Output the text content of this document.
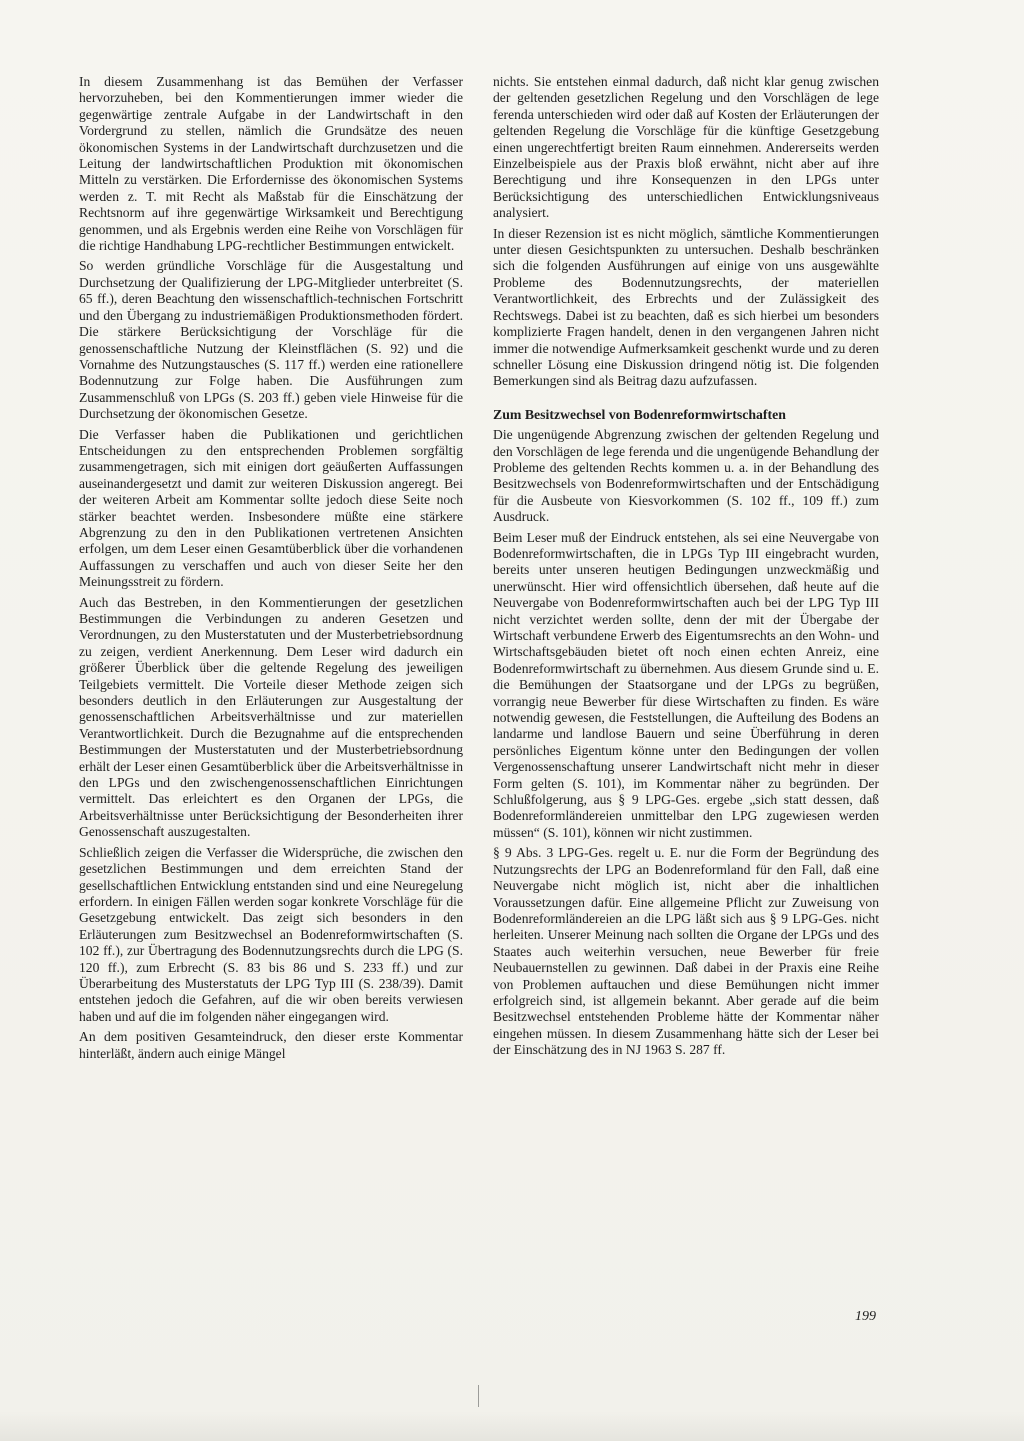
In diesem Zusammenhang ist das Bemühen der Verfasser hervorzuheben, bei den Kommentierungen immer wieder die gegenwärtige zentrale Aufgabe in der Landwirtschaft in den Vordergrund zu stellen, nämlich die Grundsätze des neuen ökonomischen Systems in der Landwirtschaft durchzusetzen und die Leitung der landwirtschaftlichen Produktion mit ökonomischen Mitteln zu verstärken. Die Erfordernisse des ökonomischen Systems werden z. T. mit Recht als Maßstab für die Einschätzung der Rechtsnorm auf ihre gegenwärtige Wirksamkeit und Berechtigung genommen, und als Ergebnis werden eine Reihe von Vorschlägen für die richtige Handhabung LPG-rechtlicher Bestimmungen entwickelt.

So werden gründliche Vorschläge für die Ausgestaltung und Durchsetzung der Qualifizierung der LPG-Mitglieder unterbreitet (S. 65 ff.), deren Beachtung den wissenschaftlich-technischen Fortschritt und den Übergang zu industriemäßigen Produktionsmethoden fördert. Die stärkere Berücksichtigung der Vorschläge für die genossenschaftliche Nutzung der Kleinstflächen (S. 92) und die Vornahme des Nutzungstausches (S. 117 ff.) werden eine rationellere Bodennutzung zur Folge haben. Die Ausführungen zum Zusammenschluß von LPGs (S. 203 ff.) geben viele Hinweise für die Durchsetzung der ökonomischen Gesetze.

Die Verfasser haben die Publikationen und gerichtlichen Entscheidungen zu den entsprechenden Problemen sorgfältig zusammengetragen, sich mit einigen dort geäußerten Auffassungen auseinandergesetzt und damit zur weiteren Diskussion angeregt. Bei der weiteren Arbeit am Kommentar sollte jedoch diese Seite noch stärker beachtet werden. Insbesondere müßte eine stärkere Abgrenzung zu den in den Publikationen vertretenen Ansichten erfolgen, um dem Leser einen Gesamtüberblick über die vorhandenen Auffassungen zu verschaffen und auch von dieser Seite her den Meinungsstreit zu fördern.

Auch das Bestreben, in den Kommentierungen der gesetzlichen Bestimmungen die Verbindungen zu anderen Gesetzen und Verordnungen, zu den Musterstatuten und der Musterbetriebsordnung zu zeigen, verdient Anerkennung. Dem Leser wird dadurch ein größerer Überblick über die geltende Regelung des jeweiligen Teilgebiets vermittelt. Die Vorteile dieser Methode zeigen sich besonders deutlich in den Erläuterungen zur Ausgestaltung der genossenschaftlichen Arbeitsverhältnisse und zur materiellen Verantwortlichkeit. Durch die Bezugnahme auf die entsprechenden Bestimmungen der Musterstatuten und der Musterbetriebsordnung erhält der Leser einen Gesamtüberblick über die Arbeitsverhältnisse in den LPGs und den zwischengenossenschaftlichen Einrichtungen vermittelt. Das erleichtert es den Organen der LPGs, die Arbeitsverhältnisse unter Berücksichtigung der Besonderheiten ihrer Genossenschaft auszugestalten.

Schließlich zeigen die Verfasser die Widersprüche, die zwischen den gesetzlichen Bestimmungen und dem erreichten Stand der gesellschaftlichen Entwicklung entstanden sind und eine Neuregelung erfordern. In einigen Fällen werden sogar konkrete Vorschläge für die Gesetzgebung entwickelt. Das zeigt sich besonders in den Erläuterungen zum Besitzwechsel an Bodenreformwirtschaften (S. 102 ff.), zur Übertragung des Bodennutzungsrechts durch die LPG (S. 120 ff.), zum Erbrecht (S. 83 bis 86 und S. 233 ff.) und zur Überarbeitung des Musterstatuts der LPG Typ III (S. 238/39). Damit entstehen jedoch die Gefahren, auf die wir oben bereits verwiesen haben und auf die im folgenden näher eingegangen wird.

An dem positiven Gesamteindruck, den dieser erste Kommentar hinterläßt, ändern auch einige Mängel

nichts. Sie entstehen einmal dadurch, daß nicht klar genug zwischen der geltenden gesetzlichen Regelung und den Vorschlägen de lege ferenda unterschieden wird oder daß auf Kosten der Erläuterungen der geltenden Regelung die Vorschläge für die künftige Gesetzgebung einen ungerechtfertigt breiten Raum einnehmen. Andererseits werden Einzelbeispiele aus der Praxis bloß erwähnt, nicht aber auf ihre Berechtigung und ihre Konsequenzen in den LPGs unter Berücksichtigung des unterschiedlichen Entwicklungsniveaus analysiert.

In dieser Rezension ist es nicht möglich, sämtliche Kommentierungen unter diesen Gesichtspunkten zu untersuchen. Deshalb beschränken sich die folgenden Ausführungen auf einige von uns ausgewählte Probleme des Bodennutzungsrechts, der materiellen Verantwortlichkeit, des Erbrechts und der Zulässigkeit des Rechtswegs. Dabei ist zu beachten, daß es sich hierbei um besonders komplizierte Fragen handelt, denen in den vergangenen Jahren nicht immer die notwendige Aufmerksamkeit geschenkt wurde und zu deren schneller Lösung eine Diskussion dringend nötig ist. Die folgenden Bemerkungen sind als Beitrag dazu aufzufassen.

Zum Besitzwechsel von Bodenreformwirtschaften

Die ungenügende Abgrenzung zwischen der geltenden Regelung und den Vorschlägen de lege ferenda und die ungenügende Behandlung der Probleme des geltenden Rechts kommen u. a. in der Behandlung des Besitzwechsels von Bodenreformwirtschaften und der Entschädigung für die Ausbeute von Kiesvorkommen (S. 102 ff., 109 ff.) zum Ausdruck.

Beim Leser muß der Eindruck entstehen, als sei eine Neuvergabe von Bodenreformwirtschaften, die in LPGs Typ III eingebracht wurden, bereits unter unseren heutigen Bedingungen unzweckmäßig und unerwünscht. Hier wird offensichtlich übersehen, daß heute auf die Neuvergabe von Bodenreformwirtschaften auch bei der LPG Typ III nicht verzichtet werden sollte, denn der mit der Übergabe der Wirtschaft verbundene Erwerb des Eigentumsrechts an den Wohn- und Wirtschaftsgebäuden bietet oft noch einen echten Anreiz, eine Bodenreformwirtschaft zu übernehmen. Aus diesem Grunde sind u. E. die Bemühungen der Staatsorgane und der LPGs zu begrüßen, vorrangig neue Bewerber für diese Wirtschaften zu finden. Es wäre notwendig gewesen, die Feststellungen, die Aufteilung des Bodens an landarme und landlose Bauern und seine Überführung in deren persönliches Eigentum könne unter den Bedingungen der vollen Vergenossenschaftung unserer Landwirtschaft nicht mehr in dieser Form gelten (S. 101), im Kommentar näher zu begründen. Der Schlußfolgerung, aus § 9 LPG-Ges. ergebe „sich statt dessen, daß Bodenreformländereien unmittelbar den LPG zugewiesen werden müssen“ (S. 101), können wir nicht zustimmen.

§ 9 Abs. 3 LPG-Ges. regelt u. E. nur die Form der Begründung des Nutzungsrechts der LPG an Bodenreformland für den Fall, daß eine Neuvergabe nicht möglich ist, nicht aber die inhaltlichen Voraussetzungen dafür. Eine allgemeine Pflicht zur Zuweisung von Bodenreformländereien an die LPG läßt sich aus § 9 LPG-Ges. nicht herleiten. Unserer Meinung nach sollten die Organe der LPGs und des Staates auch weiterhin versuchen, neue Bewerber für freie Neubauernstellen zu gewinnen. Daß dabei in der Praxis eine Reihe von Problemen auftauchen und diese Bemühungen nicht immer erfolgreich sind, ist allgemein bekannt. Aber gerade auf die beim Besitzwechsel entstehenden Probleme hätte der Kommentar näher eingehen müssen. In diesem Zusammenhang hätte sich der Leser bei der Einschätzung des in NJ 1963 S. 287 ff.

199
